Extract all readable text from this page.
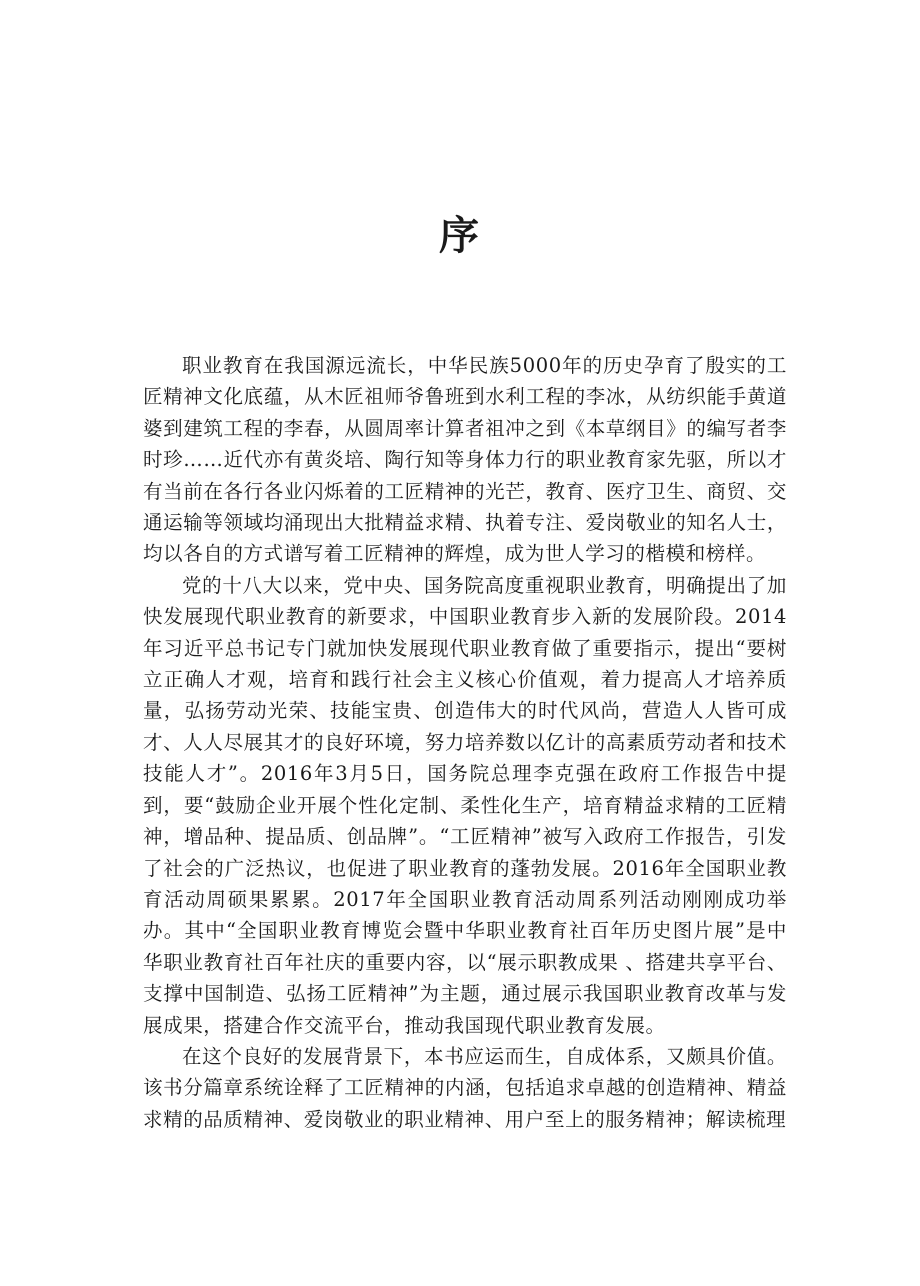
序

职业教育在我国源远流长，中华民族5000年的历史孕育了殷实的工匠精神文化底蕴，从木匠祖师爷鲁班到水利工程的李冰，从纺织能手黄道婆到建筑工程的李春，从圆周率计算者祖冲之到《本草纲目》的编写者李时珍……近代亦有黄炎培、陶行知等身体力行的职业教育家先驱，所以才有当前在各行各业闪烁着的工匠精神的光芒，教育、医疗卫生、商贸、交通运输等领域均涌现出大批精益求精、执着专注、爱岗敬业的知名人士，均以各自的方式谱写着工匠精神的辉煌，成为世人学习的楷模和榜样。

党的十八大以来，党中央、国务院高度重视职业教育，明确提出了加快发展现代职业教育的新要求，中国职业教育步入新的发展阶段。2014年习近平总书记专门就加快发展现代职业教育做了重要指示，提出“要树立正确人才观，培育和践行社会主义核心价值观，着力提高人才培养质量，弘扬劳动光荣、技能宝贵、创造伟大的时代风尚，营造人人皆可成才、人人尽展其才的良好环境，努力培养数以亿计的高素质劳动者和技术技能人才”。2016年3月5日，国务院总理李克强在政府工作报告中提到，要“鼓励企业开展个性化定制、柔性化生产，培育精益求精的工匠精神，增品种、提品质、创品牌”。“工匠精神”被写入政府工作报告，引发了社会的广泛热议，也促进了职业教育的蓬勃发展。2016年全国职业教育活动周硕果累累。2017年全国职业教育活动周系列活动刚刚成功举办。其中“全国职业教育博览会暨中华职业教育社百年历史图片展”是中华职业教育社百年社庆的重要内容，以“展示职教成果 、搭建共享平台、支撑中国制造、弘扬工匠精神”为主题，通过展示我国职业教育改革与发展成果，搭建合作交流平台，推动我国现代职业教育发展。

在这个良好的发展背景下，本书应运而生，自成体系，又颇具价值。该书分篇章系统诠释了工匠精神的内涵，包括追求卓越的创造精神、精益求精的品质精神、爱岗敬业的职业精神、用户至上的服务精神；解读梳理
